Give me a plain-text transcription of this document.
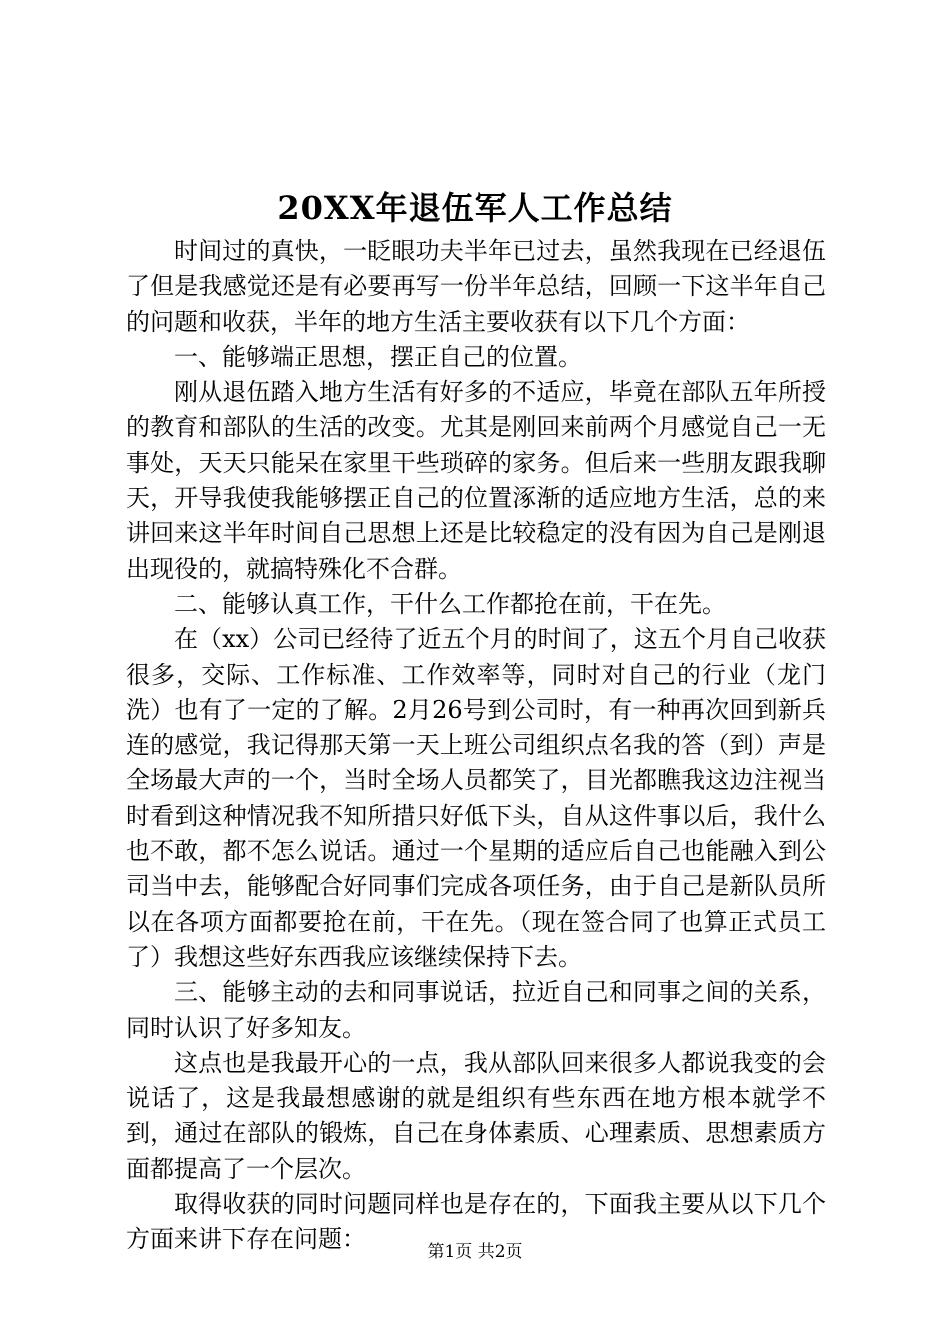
20XX年退伍军人工作总结

时间过的真快，一眨眼功夫半年已过去，虽然我现在已经退伍了但是我感觉还是有必要再写一份半年总结，回顾一下这半年自己的问题和收获，半年的地方生活主要收获有以下几个方面：

一、能够端正思想，摆正自己的位置。

刚从退伍踏入地方生活有好多的不适应，毕竟在部队五年所授的教育和部队的生活的改变。尤其是刚回来前两个月感觉自己一无事处，天天只能呆在家里干些琐碎的家务。但后来一些朋友跟我聊天，开导我使我能够摆正自己的位置涿渐的适应地方生活，总的来讲回来这半年时间自己思想上还是比较稳定的没有因为自己是刚退出现役的，就搞特殊化不合群。

二、能够认真工作，干什么工作都抢在前，干在先。

在（xx）公司已经待了近五个月的时间了，这五个月自己收获很多，交际、工作标准、工作效率等，同时对自己的行业（龙门洗）也有了一定的了解。2月26号到公司时，有一种再次回到新兵连的感觉，我记得那天第一天上班公司组织点名我的答（到）声是全场最大声的一个，当时全场人员都笑了，目光都瞧我这边注视当时看到这种情况我不知所措只好低下头，自从这件事以后，我什么也不敢，都不怎么说话。通过一个星期的适应后自己也能融入到公司当中去，能够配合好同事们完成各项任务，由于自己是新队员所以在各项方面都要抢在前，干在先。（现在签合同了也算正式员工了）我想这些好东西我应该继续保持下去。

三、能够主动的去和同事说话，拉近自己和同事之间的关系，同时认识了好多知友。

这点也是我最开心的一点，我从部队回来很多人都说我变的会说话了，这是我最想感谢的就是组织有些东西在地方根本就学不到，通过在部队的锻炼，自己在身体素质、心理素质、思想素质方面都提高了一个层次。

取得收获的同时问题同样也是存在的，下面我主要从以下几个方面来讲下存在问题：	第1页 共2页
